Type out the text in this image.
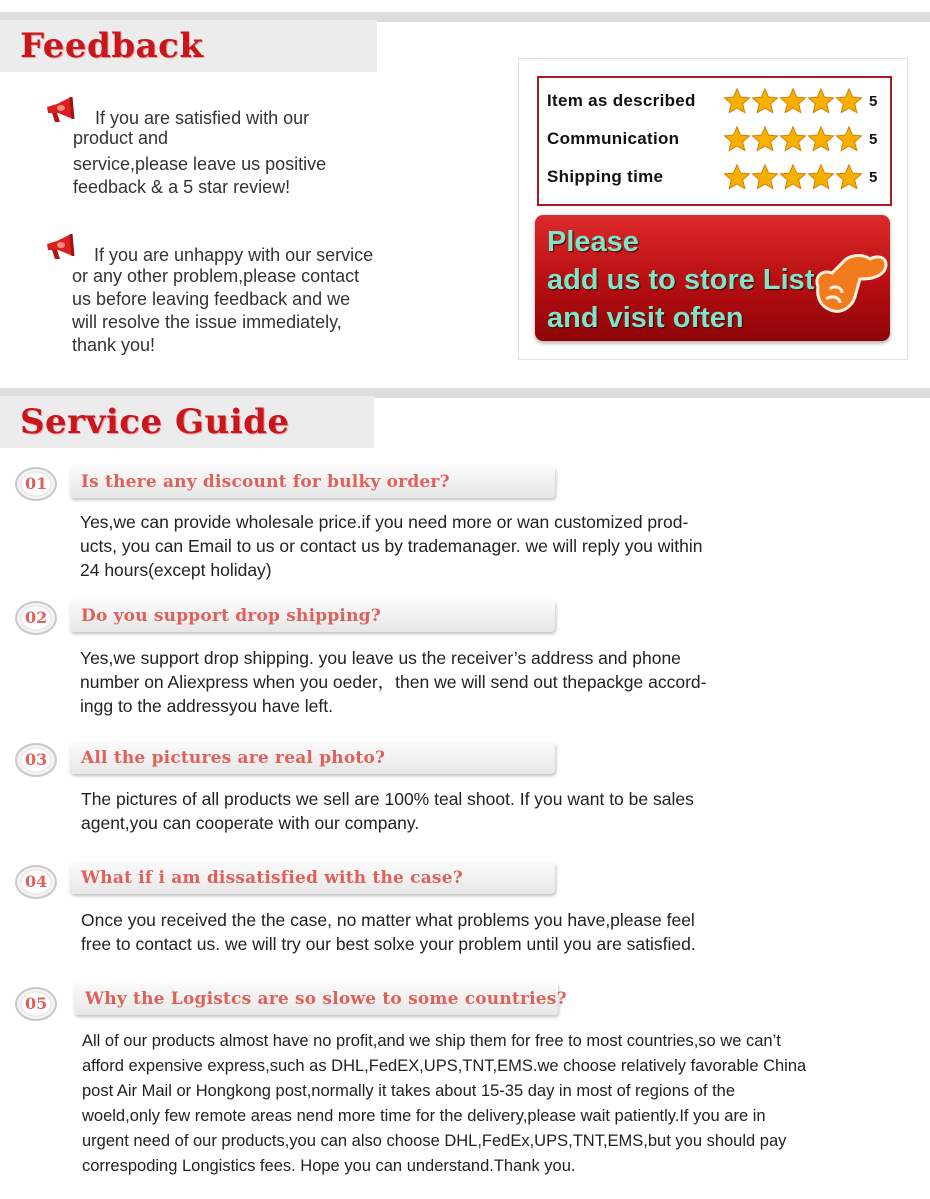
Feedback
If you are satisfied with our
product and
service,please leave us positive
feedback & a 5 star review!
If you are unhappy with our service
or any other problem,please contact
us before leaving feedback and we
will resolve the issue immediately,
thank you!
Item as described	5
Communication	5
Shipping time	5
Please
add us to store List
and visit often
Service Guide
01	Is there any discount for bulky order?
Yes,we can provide wholesale price.if you need more or wan customized prod-
ucts, you can Email to us or contact us by trademanager. we will reply you within
24 hours(except holiday)
02	Do you support drop shipping?
Yes,we support drop shipping. you leave us the receiver’s address and phone
number on Aliexpress when you oeder，then we will send out thepackge accord-
ingg to the addressyou have left.
03	All the pictures are real photo?
The pictures of all products we sell are 100% teal shoot. If you want to be sales
agent,you can cooperate with our company.
04	What if i am dissatisfied with the case?
Once you received the the case, no matter what problems you have,please feel
free to contact us. we will try our best solxe your problem until you are satisfied.
05	Why the Logistcs are so slowe to some countries?
All of our products almost have no profit,and we ship them for free to most countries,so we can’t
afford expensive express,such as DHL,FedEX,UPS,TNT,EMS.we choose relatively favorable China
post Air Mail or Hongkong post,normally it takes about 15-35 day in most of regions of the
woeld,only few remote areas nend more time for the delivery,please wait patiently.If you are in
urgent need of our products,you can also choose DHL,FedEx,UPS,TNT,EMS,but you should pay
correspoding Longistics fees. Hope you can understand.Thank you.
